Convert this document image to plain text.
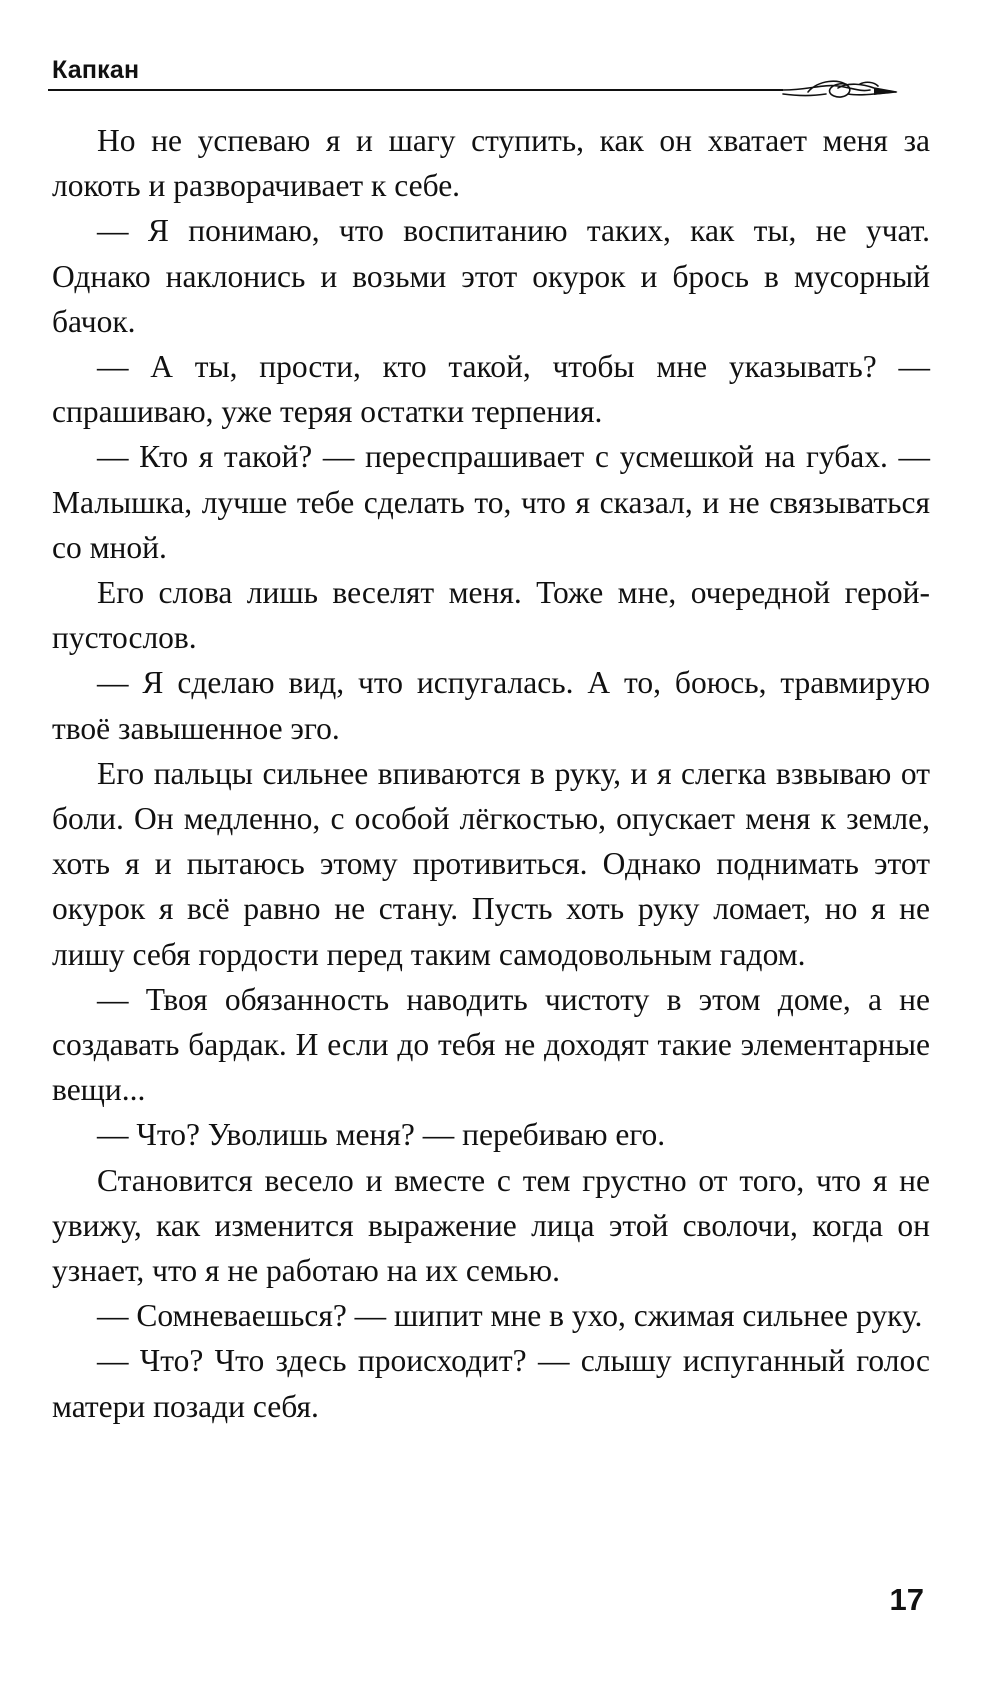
Капкан

Но не успеваю я и шагу ступить, как он хватает меня за локоть и разворачивает к себе.

— Я понимаю, что воспитанию таких, как ты, не учат. Однако наклонись и возьми этот окурок и брось в мусорный бачок.

— А ты, прости, кто такой, чтобы мне указывать? — спрашиваю, уже теряя остатки терпения.

— Кто я такой? — переспрашивает с усмешкой на губах. — Малышка, лучше тебе сделать то, что я сказал, и не связываться со мной.

Его слова лишь веселят меня. Тоже мне, очередной герой-пустослов.

— Я сделаю вид, что испугалась. А то, боюсь, травмирую твоё завышенное эго.

Его пальцы сильнее впиваются в руку, и я слегка взвываю от боли. Он медленно, с особой лёгкостью, опускает меня к земле, хоть я и пытаюсь этому противиться. Однако поднимать этот окурок я всё равно не стану. Пусть хоть руку ломает, но я не лишу себя гордости перед таким самодовольным гадом.

— Твоя обязанность наводить чистоту в этом доме, а не создавать бардак. И если до тебя не доходят такие элементарные вещи...

— Что? Уволишь меня? — перебиваю его.

Становится весело и вместе с тем грустно от того, что я не увижу, как изменится выражение лица этой сволочи, когда он узнает, что я не работаю на их семью.

— Сомневаешься? — шипит мне в ухо, сжимая сильнее руку.

— Что? Что здесь происходит? — слышу испуганный голос матери позади себя.

17
